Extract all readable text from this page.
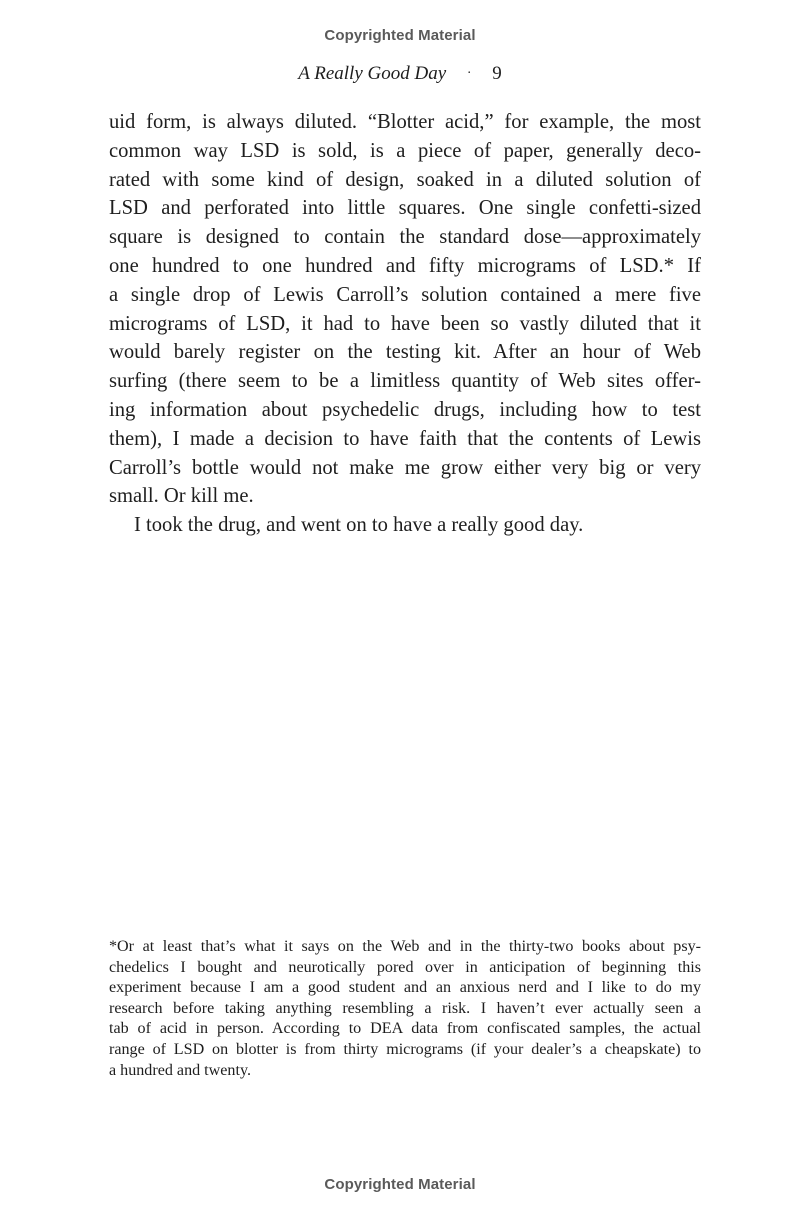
Copyrighted Material
A Really Good Day · 9
uid form, is always diluted. “Blotter acid,” for example, the most
common way LSD is sold, is a piece of paper, generally deco-
rated with some kind of design, soaked in a diluted solution of
LSD and perforated into little squares. One single confetti-sized
square is designed to contain the standard dose—approximately
one hundred to one hundred and fifty micrograms of LSD.* If
a single drop of Lewis Carroll’s solution contained a mere five
micrograms of LSD, it had to have been so vastly diluted that it
would barely register on the testing kit. After an hour of Web
surfing (there seem to be a limitless quantity of Web sites offer-
ing information about psychedelic drugs, including how to test
them), I made a decision to have faith that the contents of Lewis
Carroll’s bottle would not make me grow either very big or very
small. Or kill me.
I took the drug, and went on to have a really good day.
*Or at least that’s what it says on the Web and in the thirty-two books about psy-
chedelics I bought and neurotically pored over in anticipation of beginning this
experiment because I am a good student and an anxious nerd and I like to do my
research before taking anything resembling a risk. I haven’t ever actually seen a
tab of acid in person. According to DEA data from confiscated samples, the actual
range of LSD on blotter is from thirty micrograms (if your dealer’s a cheapskate) to
a hundred and twenty.
Copyrighted Material
